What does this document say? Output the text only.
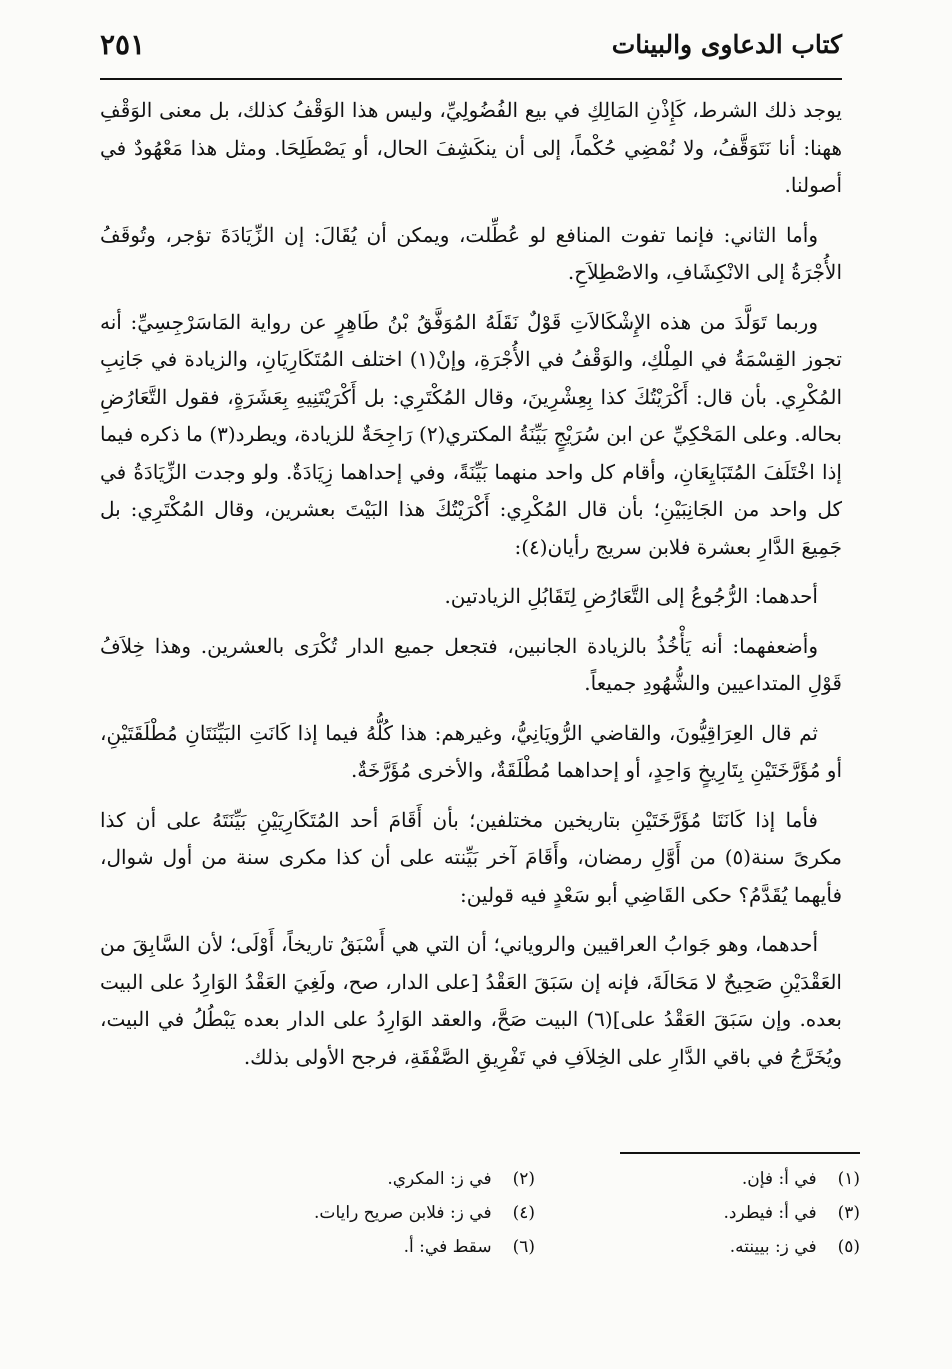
كتاب الدعاوى والبينات
٢٥١

يوجد ذلك الشرط، كَإِذْنِ المَالِكِ في بيع الفُضُولِيِّ، وليس هذا الوَقْفُ كذلك، بل معنى الوَقْفِ ههنا: أنا نَتَوَقَّفُ، ولا نُمْضِي حُكْماً، إلى أن ينكَشِفَ الحال، أو يَصْطَلِحَا. ومثل هذا مَعْهُودٌ في أصولنا.

وأما الثاني: فإنما تفوت المنافع لو عُطِّلت، ويمكن أن يُقَالَ: إن الزِّيَادَةَ تؤجر، وتُوقَفُ الأُجْرَةُ إلى الانْكِشَافِ، والاصْطِلاَحِ.

وربما تَوَلَّدَ من هذه الإِشْكَالاَتِ قَوْلٌ نَقَلَهُ المُوَفَّقُ بْنُ طَاهِرٍ عن رواية المَاسَرْجِسِيِّ: أنه تجوز القِسْمَةُ في المِلْكِ، والوَقْفُ في الأُجْرَةِ، وإنْ(١) اختلف المُتَكَارِيَانِ، والزيادة في جَانِبِ المُكْرِي. بأن قال: أَكْرَيْتُكَ كذا بِعِشْرِينَ، وقال المُكْتَرِي: بل أَكْرَيْتَنِيهِ بِعَشَرَةٍ، فقول التَّعَارُضِ بحاله. وعلى المَحْكِيِّ عن ابن سُرَيْجٍ بَيِّنَةُ المكتري(٢) رَاجِحَةٌ للزيادة، ويطرد(٣) ما ذكره فيما إذا اخْتَلَفَ المُتَبَايِعَانِ، وأقام كل واحد منهما بَيِّنَةً، وفي إحداهما زِيَادَةٌ. ولو وجدت الزِّيَادَةُ في كل واحد من الجَانِبَيْنِ؛ بأن قال المُكْرِي: أَكْرَيْتُكَ هذا البَيْتَ بعشرين، وقال المُكْتَرِي: بل جَمِيعَ الدَّارِ بعشرة فلابن سريج رأيان(٤):

أحدهما: الرُّجُوعُ إلى التَّعَارُضِ لِتَقَابُلِ الزيادتين.

وأضعفهما: أنه يَأْخُذُ بالزيادة الجانبين، فتجعل جميع الدار تُكْرَى بالعشرين. وهذا خِلاَفُ قَوْلِ المتداعيين والشُّهُودِ جميعاً.

ثم قال العِرَاقِيُّونَ، والقاضي الرُّويَانِيُّ، وغيرهم: هذا كُلُّهُ فيما إذا كَانَتِ البَيِّنَتَانِ مُطْلَقَتَيْنِ، أو مُؤَرَّخَتَيْنِ بِتَارِيخٍ وَاحِدٍ، أو إحداهما مُطْلَقَةٌ، والأخرى مُؤَرَّخَةٌ.

فأما إذا كَانَتَا مُؤَرَّخَتَيْنِ بتاريخين مختلفين؛ بأن أَقَامَ أحد المُتَكَارِيَيْنِ بَيِّنَتَهُ على أن كذا مكرىً سنة(٥) من أَوَّلِ رمضان، وأَقَامَ آخر بَيِّنته على أن كذا مكرى سنة من أول شوال، فأيهما يُقَدَّمُ؟ حكى القَاضِي أبو سَعْدٍ فيه قولين:

أحدهما، وهو جَوابُ العراقيين والروياني؛ أن التي هي أَسْبَقُ تاريخاً، أَوْلَى؛ لأن السَّابِقَ من العَقْدَيْنِ صَحِيحٌ لا مَحَالَةَ، فإنه إن سَبَقَ العَقْدُ [على الدار، صح، ولَغِيَ العَقْدُ الوَارِدُ على البيت بعده. وإن سَبَقَ العَقْدُ على](٦) البيت صَحَّ، والعقد الوَارِدُ على الدار بعده يَبْطُلُ في البيت، ويُخَرَّجُ في باقي الدَّارِ على الخِلاَفِ في تَفْرِيقِ الصَّفْقَةِ، فرجح الأولى بذلك.

(١) في أ: فإن.
(٢) في ز: المكري.
(٣) في أ: فيطرد.
(٤) في ز: فلابن صريح رايات.
(٥) في ز: بيينته.
(٦) سقط في: أ.
